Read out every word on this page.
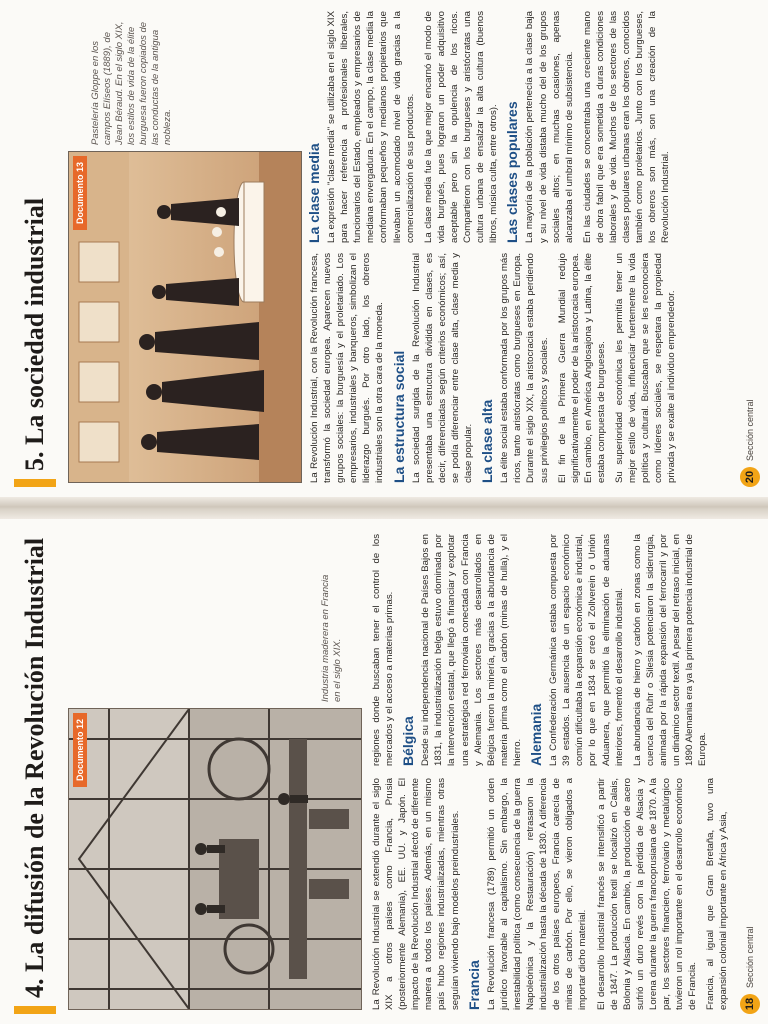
4. La difusión de la Revolución Industrial	Documento 12
Industria maderera en Francia en el siglo XIX.

La Revolución Industrial se extendió durante el siglo XIX a otros países como Francia, Prusia (posteriormente Alemania), EE. UU. y Japón. El impacto de la Revolución Industrial afectó de diferente manera a todos los países. Además, en un mismo país hubo regiones industrializadas, mientras otras seguían viviendo bajo modelos preindustriales. Francia La Revolución francesa (1789) permitió un orden jurídico favorable al capitalismo. Sin embargo, la inestabilidad política (como consecuencia de la guerra Napoleónica y la Restauración) retrasaron la industrialización hasta la década de 1830. A diferencia de los otros países europeos, Francia carecía de minas de carbón. Por ello, se vieron obligados a importar dicho material. El desarrollo industrial francés se intensificó a partir de 1847. La producción textil se localizó en Calais, Bolonia y Alsacia. En cambio, la producción de acero sufrió un duro revés con la pérdida de Alsacia y Lorena durante la guerra francoprusiana de 1870. A la par, los sectores financiero, ferroviario y metalúrgico tuvieron un rol importante en el desarrollo económico de Francia. Francia, al igual que Gran Bretaña, tuvo una expansión colonial importante en África y Asia,

regiones donde buscaban tener el control de los mercados y el acceso a materias primas. Bélgica Desde su independencia nacional de Países Bajos en 1831, la industrialización belga estuvo dominada por la intervención estatal, que llegó a financiar y explotar una estratégica red ferroviaria conectada con Francia y Alemania. Los sectores más desarrollados en Bélgica fueron la minería, gracias a la abundancia de materia prima como el carbón (minas de hulla), y el hierro. Alemania La Confederación Germánica estaba compuesta por 39 estados. La ausencia de un espacio económico común dificultaba la expansión económica e industrial, por lo que en 1834 se creó el Zollverein o Unión Aduanera, que permitió la eliminación de aduanas interiores, fomentó el desarrollo industrial. La abundancia de hierro y carbón en zonas como la cuenca del Ruhr o Silesia potenciaron la siderurgia, animada por la rápida expansión del ferrocarril y por un dinámico sector textil. A pesar del retraso inicial, en 1890 Alemania era ya la primera potencia industrial de Europa.

18
Sección central
5. La sociedad industrial
Documento 13
Pastelería Gloppe en los campos Elíseos (1889), de Jean Béraud. En el siglo XIX, los estilos de vida de la élite burguesa fueron copiados de las conductas de la antigua nobleza.

La Revolución Industrial, con la Revolución francesa, transformó la sociedad europea. Aparecen nuevos grupos sociales: la burguesía y el proletariado. Los empresarios, industriales y banqueros, simbolizan el liderazgo burgués. Por otro lado, los obreros industriales son la otra cara de la moneda. La estructura social La sociedad surgida de la Revolución Industrial presentaba una estructura dividida en clases, es decir, diferenciadas según criterios económicos; así, se podía diferenciar entre clase alta, clase media y clase popular. La clase alta La élite social estaba conformada por los grupos más ricos, tanto aristócratas como burgueses en Europa. Durante el siglo XIX, la aristocracia estaba perdiendo sus privilegios políticos y sociales. El fin de la Primera Guerra Mundial redujo significativamente el poder de la aristocracia europea. En cambio, en América Anglosajona y Latina, la élite estaba compuesta de burgueses. Su superioridad económica les permitía tener un mejor estilo de vida, influenciar fuertemente la vida política y cultural. Buscaban que se les reconociera como líderes sociales, se respetara la propiedad privada y se exalte al individuo emprendedor.

La clase media La expresión "clase media" se utilizaba en el siglo XIX para hacer referencia a profesionales liberales, funcionarios del Estado, empleados y empresarios de mediana envergadura. En el campo, la clase media la conformaban pequeños y medianos propietarios que llevaban un acomodado nivel de vida gracias a la comercialización de sus productos. La clase media fue la que mejor encarnó el modo de vida burgués, pues lograron un poder adquisitivo aceptable pero sin la opulencia de los ricos. Compartieron con los burgueses y aristócratas una cultura urbana de ensalzar la alta cultura (buenos libros, música culta, entre otros). Las clases populares La mayoría de la población pertenecía a la clase baja y su nivel de vida distaba mucho del de los grupos sociales altos; en muchas ocasiones, apenas alcanzaba el umbral mínimo de subsistencia. En las ciudades se concentraba una creciente mano de obra fabril que era sometida a duras condiciones laborales y de vida. Muchos de los sectores de las clases populares urbanas eran los obreros, conocidos también como proletarios. Junto con los burgueses, los obreros son más, son una creación de la Revolución Industrial.

20
Sección central
